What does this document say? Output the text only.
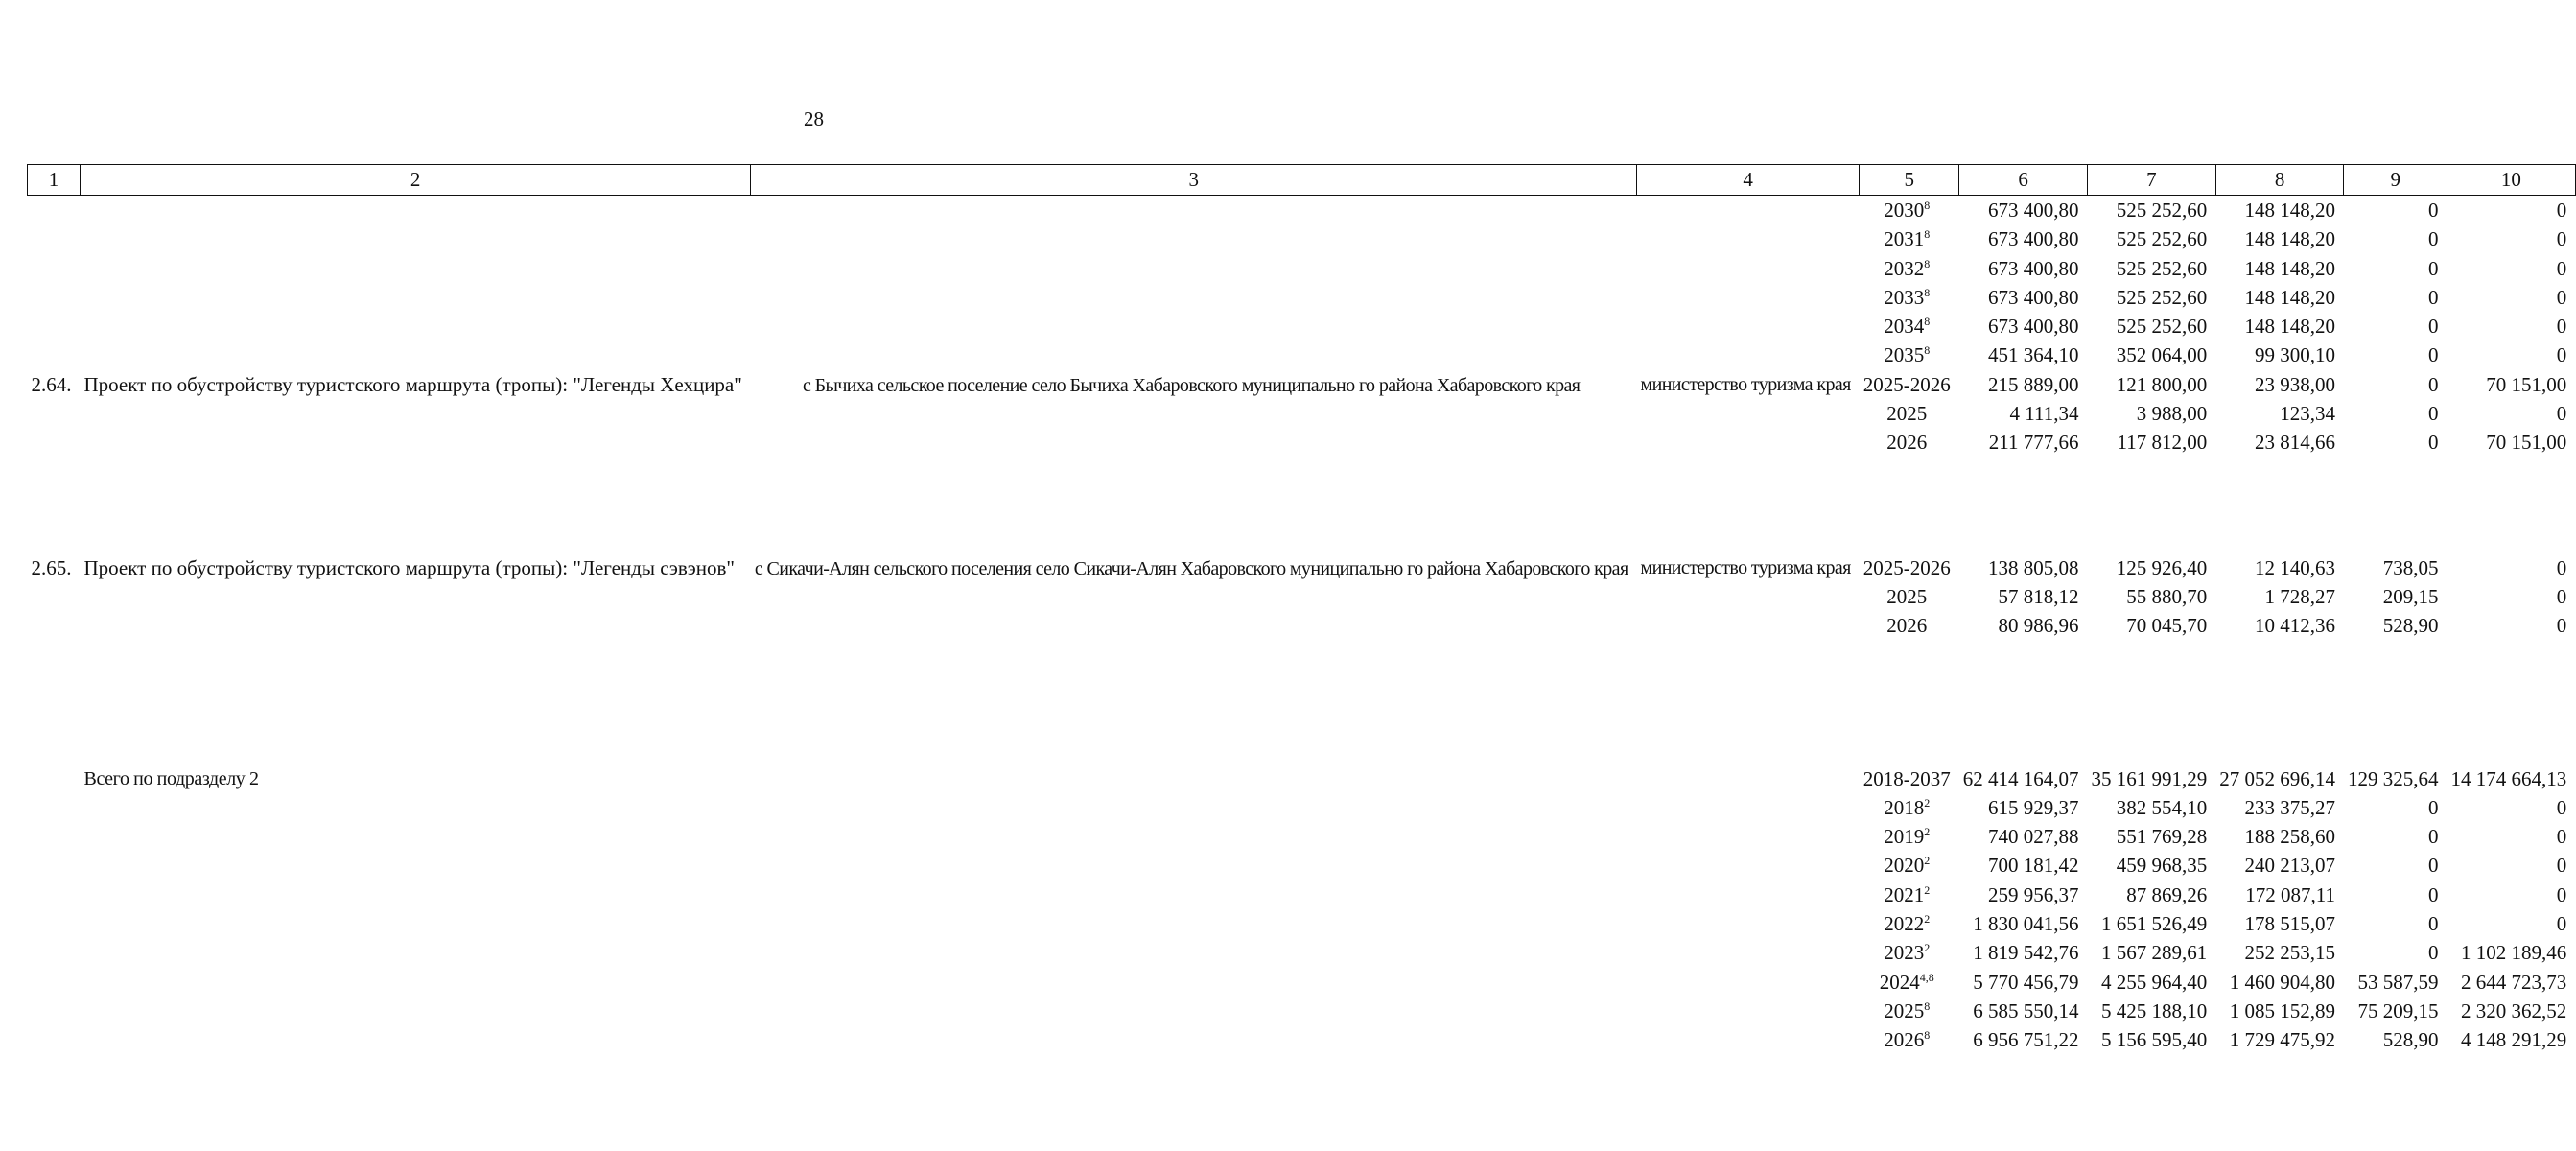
28
1	2	3	4	5	6	7	8	9	10
				2030$^8$	673 400,80	525 252,60	148 148,20	0	0
				2031$^8$	673 400,80	525 252,60	148 148,20	0	0
				2032$^8$	673 400,80	525 252,60	148 148,20	0	0
				2033$^8$	673 400,80	525 252,60	148 148,20	0	0
				2034$^8$	673 400,80	525 252,60	148 148,20	0	0
				2035$^8$	451 364,10	352 064,00	99 300,10	0	0
2.64.	Проект по обустройству туристского маршрута (тропы): "Легенды Хехцира"	с Бычиха сельское поселение село Бычиха Хабаровского муниципально го района Хабаровского края	министерство туризма края	2025-2026	215 889,00	121 800,00	23 938,00	0	70 151,00
				2025	4 111,34	3 988,00	123,34	0	0
				2026	211 777,66	117 812,00	23 814,66	0	70 151,00

2.65.	Проект по обустройству туристского маршрута (тропы): "Легенды сэвэнов"	с Сикачи-Алян сельского поселения село Сикачи-Алян Хабаровского муниципально го района Хабаровского края	министерство туризма края	2025-2026	138 805,08	125 926,40	12 140,63	738,05	0
				2025	57 818,12	55 880,70	1 728,27	209,15	0
				2026	80 986,96	70 045,70	10 412,36	528,90	0

	Всего по подразделу 2			2018-2037	62 414 164,07	35 161 991,29	27 052 696,14	129 325,64	14 174 664,13
				2018$^2$	615 929,37	382 554,10	233 375,27	0	0
				2019$^2$	740 027,88	551 769,28	188 258,60	0	0
				2020$^2$	700 181,42	459 968,35	240 213,07	0	0
				2021$^2$	259 956,37	87 869,26	172 087,11	0	0
				2022$^2$	1 830 041,56	1 651 526,49	178 515,07	0	0
				2023$^2$	1 819 542,76	1 567 289,61	252 253,15	0	1 102 189,46
				2024$^{4,8}$	5 770 456,79	4 255 964,40	1 460 904,80	53 587,59	2 644 723,73
				2025$^8$	6 585 550,14	5 425 188,10	1 085 152,89	75 209,15	2 320 362,52
				2026$^8$	6 956 751,22	5 156 595,40	1 729 475,92	528,90	4 148 291,29
